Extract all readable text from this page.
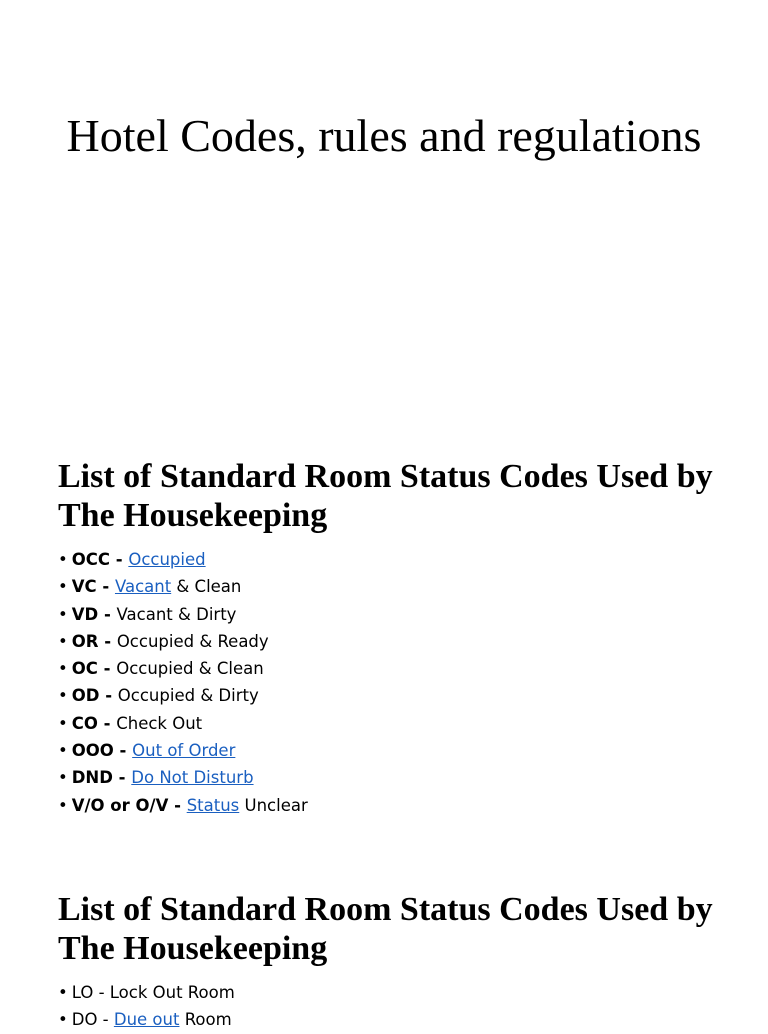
Hotel Codes, rules and regulations
List of Standard Room Status Codes Used by The Housekeeping
• OCC - Occupied
• VC - Vacant & Clean
• VD - Vacant & Dirty
• OR - Occupied & Ready
• OC - Occupied & Clean
• OD - Occupied & Dirty
• CO - Check Out
• OOO - Out of Order
• DND - Do Not Disturb
• V/O or O/V - Status Unclear
List of Standard Room Status Codes Used by The Housekeeping
• LO - Lock Out Room
• DO - Due out Room
